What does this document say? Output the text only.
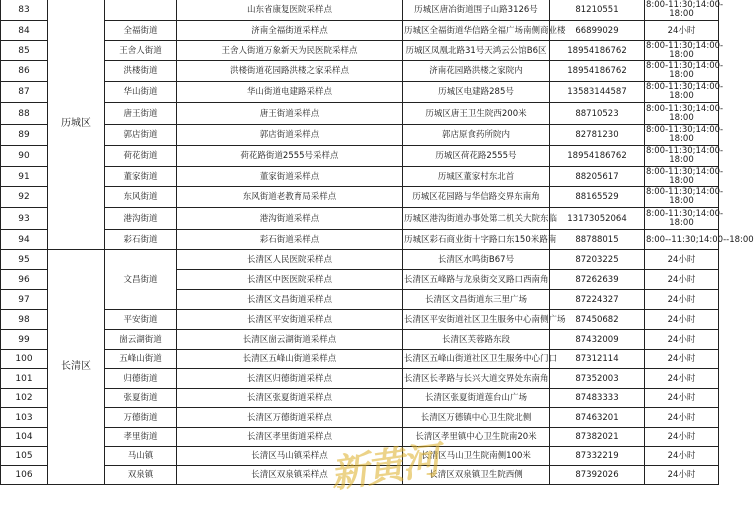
83	历城区		山东省康复医院采样点	历城区唐冶街道围子山路3126号	81210551	8:00-11:30;14:00-
18:00

84		全福街道	济南全福街道采样点	历城区全福街道华信路全福广场南侧商业楼	66899029	24小时

85		王舍人街道	王舍人街道万象新天为民医院采样点	历城区凤凰北路31号天鸿云公馆B6区	18954186762	8:00-11:30;14:00-
18:00

86		洪楼街道	洪楼街道花园路洪楼之家采样点	济南花园路洪楼之家院内	18954186762	8:00-11:30;14:00-
18:00

87		华山街道	华山街道电建路采样点	历城区电建路285号	13583144587	8:00-11:30;14:00-
18:00

88		唐王街道	唐王街道采样点	历城区唐王卫生院西200米	88710523	8:00-11:30;14:00-
18:00

89		郭店街道	郭店街道采样点	郭店原食药所院内	82781230	8:00-11:30;14:00-
18:00

90		荷花街道	荷花路街道2555号采样点	历城区荷花路2555号	18954186762	8:00-11:30;14:00-
18:00

91		董家街道	董家街道采样点	历城区董家村东北首	88205617	8:00-11:30;14:00-
18:00

92		东风街道	东风街道老教育局采样点	历城区花园路与华信路交界东南角	88165529	8:00-11:30;14:00-
18:00

93		港沟街道	港沟街道采样点	历城区港沟街道办事处第二机关大院东临	13173052064	8:00-11:30;14:00-
18:00

94		彩石街道	彩石街道采样点	历城区彩石商业街十字路口东150米路南	88788015	8:00--11:30;14:00--18:00

95	长清区	文昌街道	长清区人民医院采样点	长清区水鸣街B67号	87203225	24小时

96			长清区中医医院采样点	长清区五峰路与龙泉街交叉路口西南角	87262639	24小时

97			长清区文昌街道采样点	长清区文昌街道东三里广场	87224327	24小时

98		平安街道	长清区平安街道采样点	长清区平安街道社区卫生服务中心南侧广场	87450682	24小时

99		崮云湖街道	长清区崮云湖街道采样点	长清区芙蓉路东段	87432009	24小时

100		五峰山街道	长清区五峰山街道采样点	长清区五峰山街道社区卫生服务中心门口	87312114	24小时

101		归德街道	长清区归德街道采样点	长清区长孝路与长兴大道交界处东南角	87352003	24小时

102		张夏街道	长清区张夏街道采样点	长清区张夏街道莲台山广场	87483333	24小时

103		万德街道	长清区万德街道采样点	长清区万德镇中心卫生院北侧	87463201	24小时

104		孝里街道	长清区孝里街道采样点	长清区孝里镇中心卫生院南20米	87382021	24小时

105		马山镇	长清区马山镇采样点	长清区马山卫生院南侧100米	87332219	24小时

106		双泉镇	长清区双泉镇采样点	长清区双泉镇卫生院西侧	87392026	24小时
新黄河
